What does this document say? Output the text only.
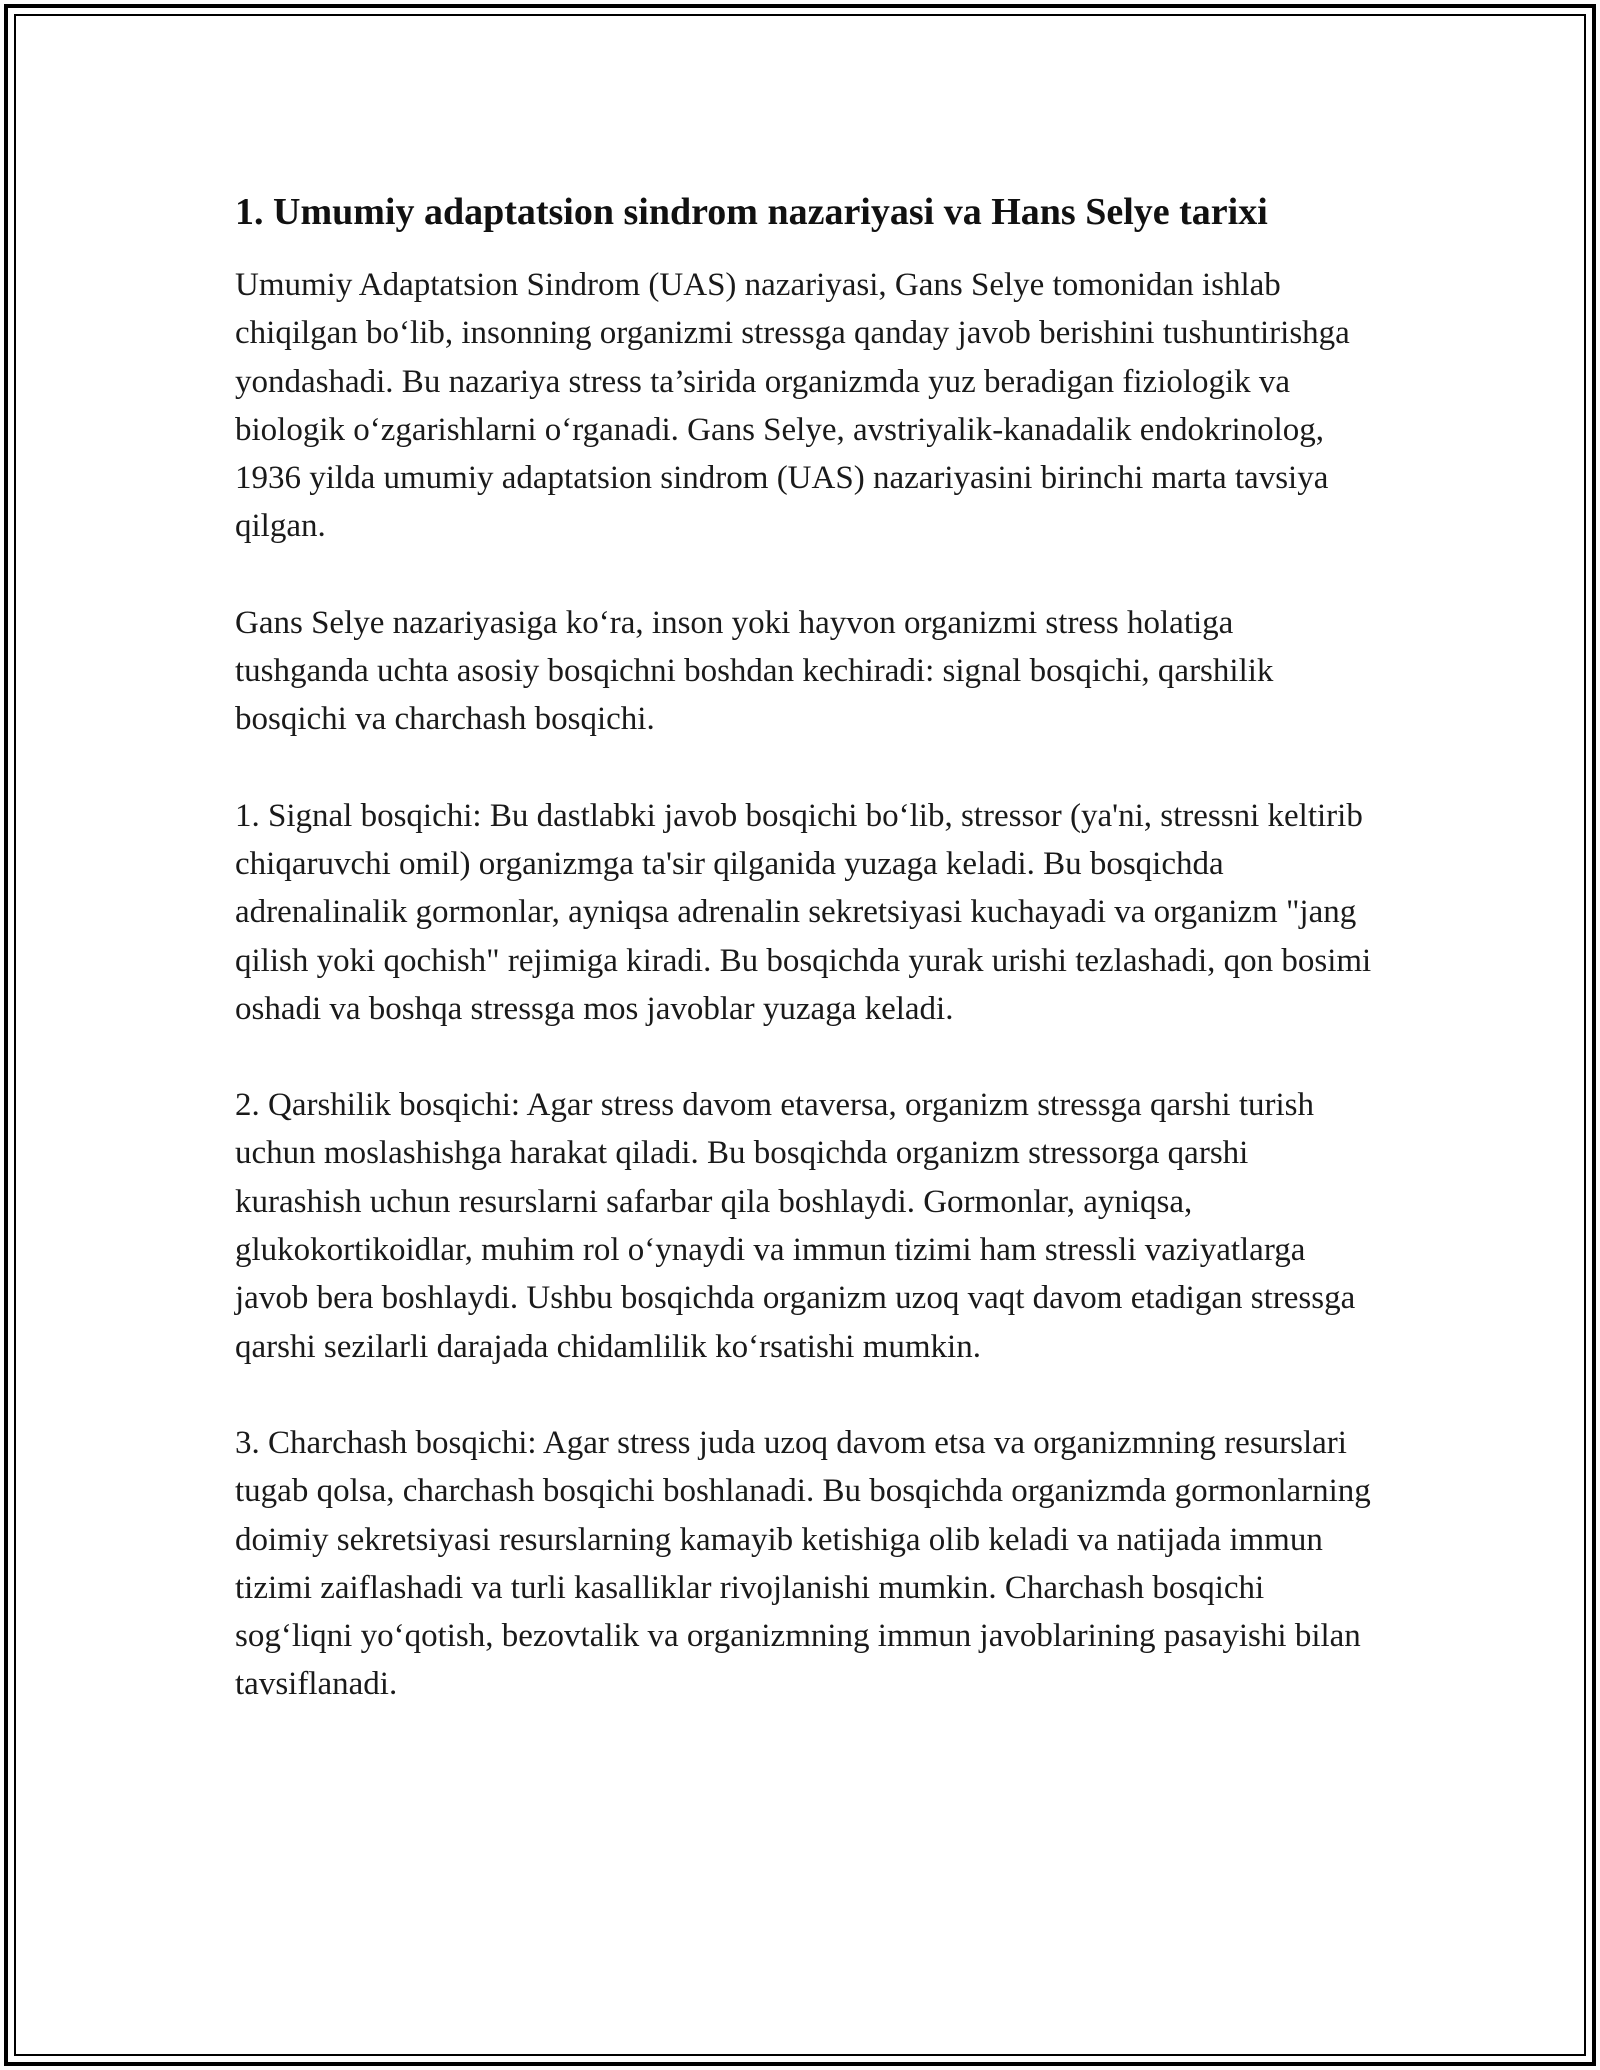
1. Umumiy adaptatsion sindrom nazariyasi va Hans Selye tarixi

Umumiy Adaptatsion Sindrom (UAS) nazariyasi, Gans Selye tomonidan ishlab chiqilgan bo‘lib, insonning organizmi stressga qanday javob berishini tushuntirishga yondashadi. Bu nazariya stress ta’sirida organizmda yuz beradigan fiziologik va biologik o‘zgarishlarni o‘rganadi. Gans Selye, avstriyalik-kanadalik endokrinolog, 1936 yilda umumiy adaptatsion sindrom (UAS) nazariyasini birinchi marta tavsiya qilgan.

Gans Selye nazariyasiga ko‘ra, inson yoki hayvon organizmi stress holatiga tushganda uchta asosiy bosqichni boshdan kechiradi: signal bosqichi, qarshilik bosqichi va charchash bosqichi.

1. Signal bosqichi: Bu dastlabki javob bosqichi bo‘lib, stressor (ya'ni, stressni keltirib chiqaruvchi omil) organizmga ta'sir qilganida yuzaga keladi. Bu bosqichda adrenalinalik gormonlar, ayniqsa adrenalin sekretsiyasi kuchayadi va organizm "jang qilish yoki qochish" rejimiga kiradi. Bu bosqichda yurak urishi tezlashadi, qon bosimi oshadi va boshqa stressga mos javoblar yuzaga keladi.

2. Qarshilik bosqichi: Agar stress davom etaversa, organizm stressga qarshi turish uchun moslashishga harakat qiladi. Bu bosqichda organizm stressorga qarshi kurashish uchun resurslarni safarbar qila boshlaydi. Gormonlar, ayniqsa, glukokortikoidlar, muhim rol o‘ynaydi va immun tizimi ham stressli vaziyatlarga javob bera boshlaydi. Ushbu bosqichda organizm uzoq vaqt davom etadigan stressga qarshi sezilarli darajada chidamlilik ko‘rsatishi mumkin.

3. Charchash bosqichi: Agar stress juda uzoq davom etsa va organizmning resurslari tugab qolsa, charchash bosqichi boshlanadi. Bu bosqichda organizmda gormonlarning doimiy sekretsiyasi resurslarning kamayib ketishiga olib keladi va natijada immun tizimi zaiflashadi va turli kasalliklar rivojlanishi mumkin. Charchash bosqichi sog‘liqni yo‘qotish, bezovtalik va organizmning immun javoblarining pasayishi bilan tavsiflanadi.
